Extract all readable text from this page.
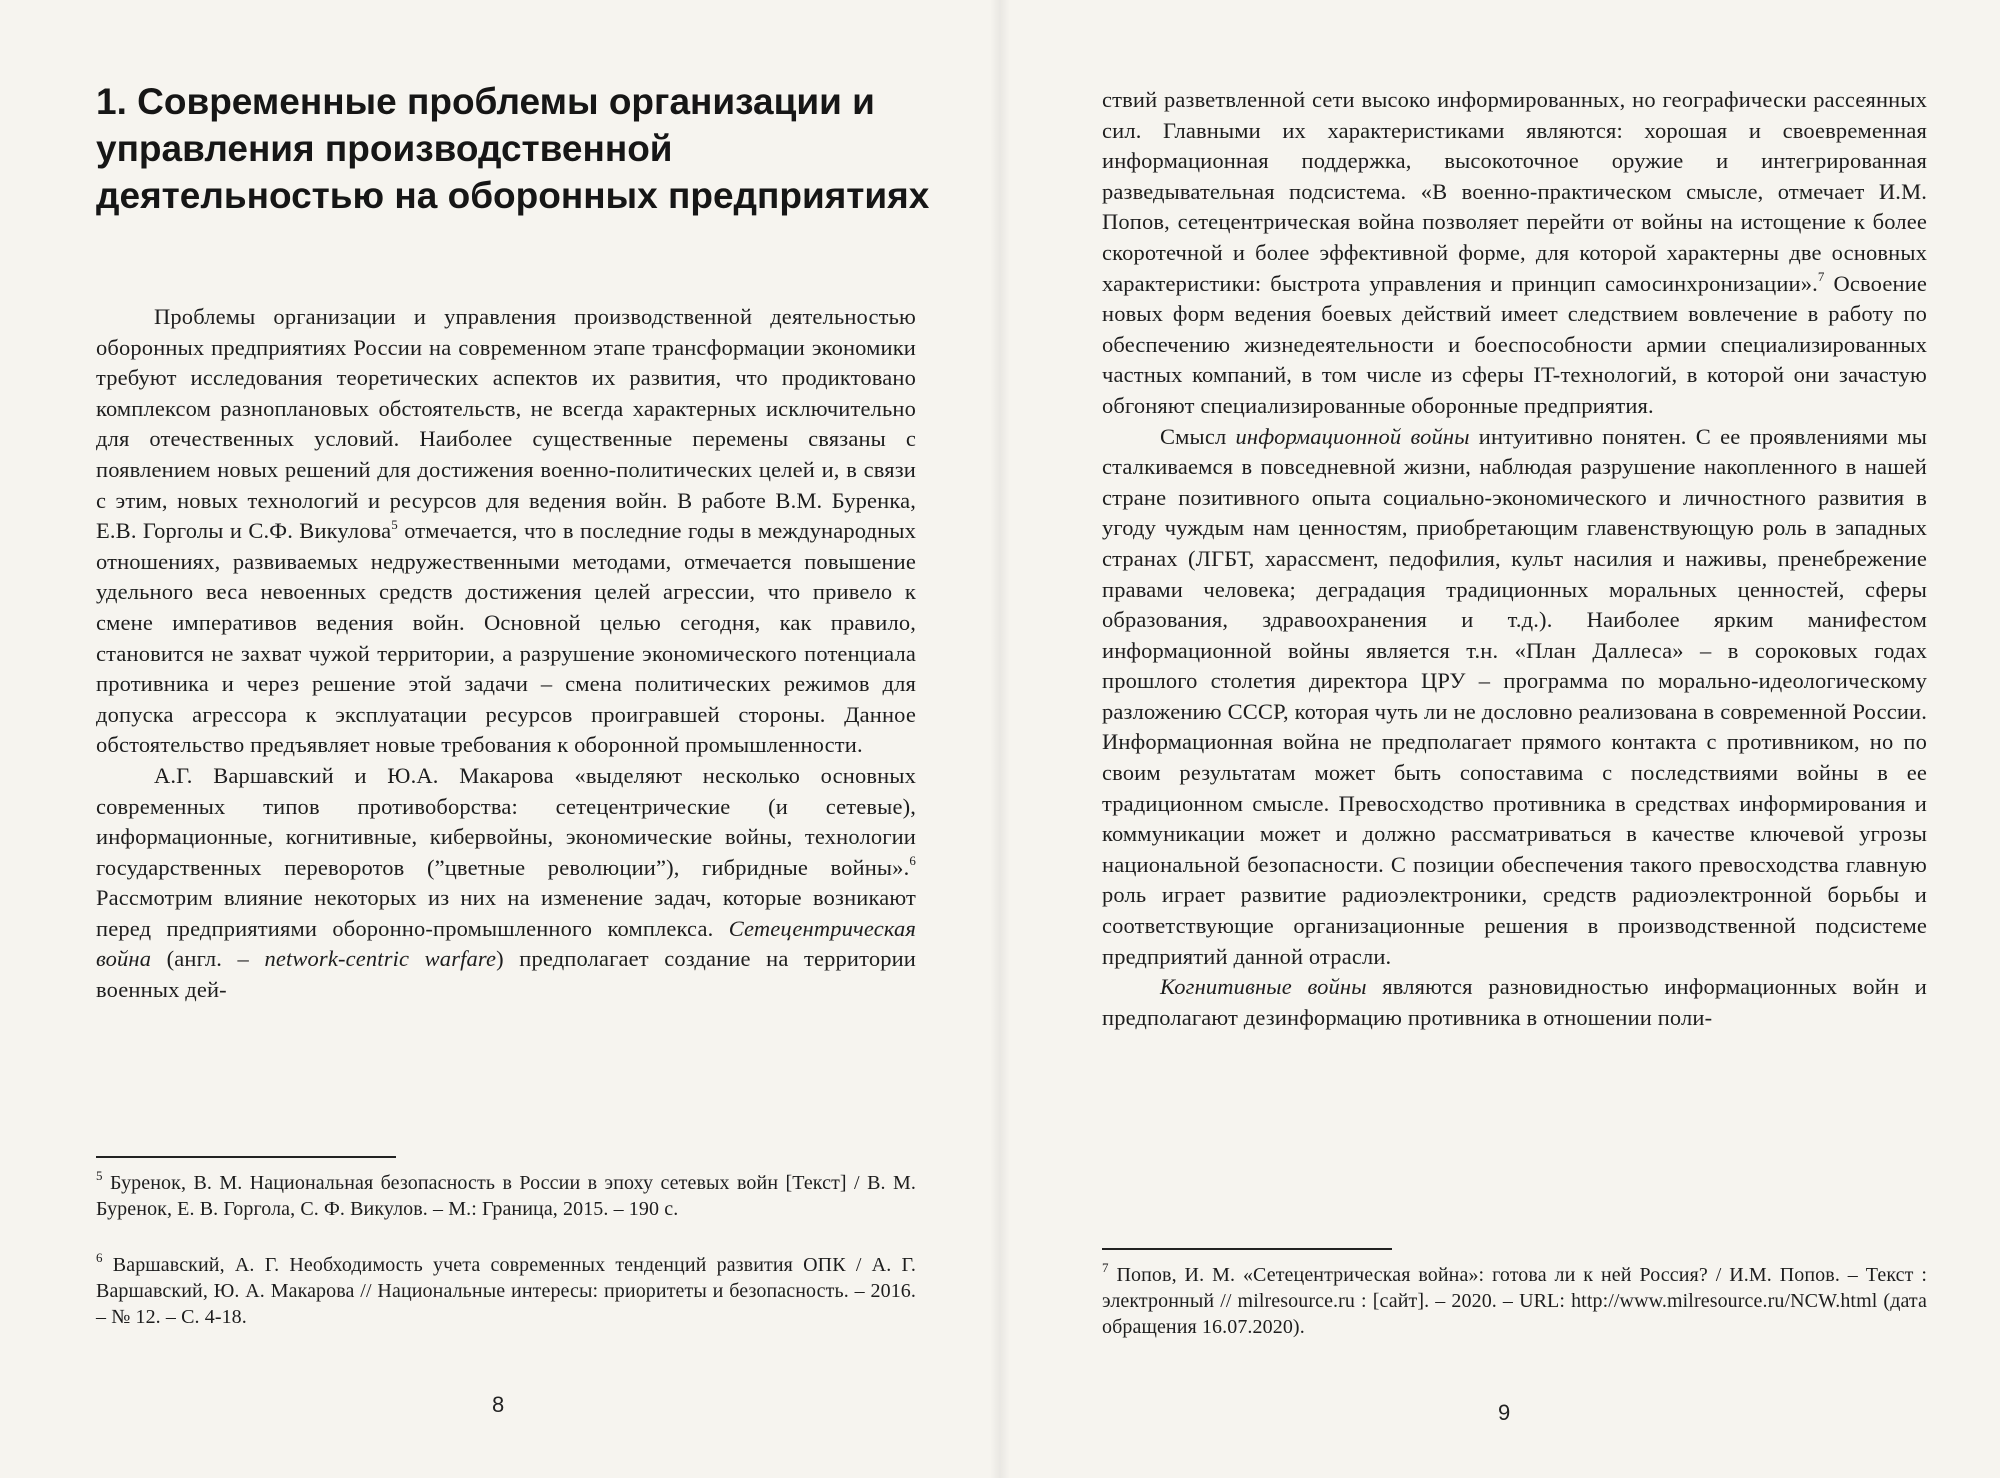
1. Современные проблемы организации и управления производственной деятельностью на оборонных предприятиях

Проблемы организации и управления производственной деятельностью оборонных предприятиях России на современном этапе трансформации экономики требуют исследования теоретических аспектов их развития, что продиктовано комплексом разноплановых обстоятельств, не всегда характерных исключительно для отечественных условий. Наиболее существенные перемены связаны с появлением новых решений для достижения военно-политических целей и, в связи с этим, новых технологий и ресурсов для ведения войн. В работе В.М. Буренка, Е.В. Горголы и С.Ф. Викулова$^5$ отмечается, что в последние годы в международных отношениях, развиваемых недружественными методами, отмечается повышение удельного веса невоенных средств достижения целей агрессии, что привело к смене императивов ведения войн. Основной целью сегодня, как правило, становится не захват чужой территории, а разрушение экономического потенциала противника и через решение этой задачи – смена политических режимов для допуска агрессора к эксплуатации ресурсов проигравшей стороны. Данное обстоятельство предъявляет новые требования к оборонной промышленности.

А.Г. Варшавский и Ю.А. Макарова «выделяют несколько основных современных типов противоборства: сетецентрические (и сетевые), информационные, когнитивные, кибервойны, экономические войны, технологии государственных переворотов (”цветные революции”), гибридные войны».$^6$ Рассмотрим влияние некоторых из них на изменение задач, которые возникают перед предприятиями оборонно-промышленного комплекса. Сетецентрическая война (англ. – network-centric warfare) предполагает создание на территории военных дей-

$^5$ Буренок, В. М. Национальная безопасность в России в эпоху сетевых войн [Текст] / В. М. Буренок, Е. В. Горгола, С. Ф. Викулов. – М.: Граница, 2015. – 190 с.

$^6$ Варшавский, А. Г. Необходимость учета современных тенденций развития ОПК / А. Г. Варшавский, Ю. А. Макарова // Национальные интересы: приоритеты и безопасность. – 2016. – № 12. – С. 4-18.

8

ствий разветвленной сети высоко информированных, но географически рассеянных сил. Главными их характеристиками являются: хорошая и своевременная информационная поддержка, высокоточное оружие и интегрированная разведывательная подсистема. «В военно-практическом смысле, отмечает И.М. Попов, сетецентрическая война позволяет перейти от войны на истощение к более скоротечной и более эффективной форме, для которой характерны две основных характеристики: быстрота управления и принцип самосинхронизации».$^7$ Освоение новых форм ведения боевых действий имеет следствием вовлечение в работу по обеспечению жизнедеятельности и боеспособности армии специализированных частных компаний, в том числе из сферы IT-технологий, в которой они зачастую обгоняют специализированные оборонные предприятия.

Смысл информационной войны интуитивно понятен. С ее проявлениями мы сталкиваемся в повседневной жизни, наблюдая разрушение накопленного в нашей стране позитивного опыта социально-экономического и личностного развития в угоду чуждым нам ценностям, приобретающим главенствующую роль в западных странах (ЛГБТ, харассмент, педофилия, культ насилия и наживы, пренебрежение правами человека; деградация традиционных моральных ценностей, сферы образования, здравоохранения и т.д.). Наиболее ярким манифестом информационной войны является т.н. «План Даллеса» – в сороковых годах прошлого столетия директора ЦРУ – программа по морально-идеологическому разложению СССР, которая чуть ли не дословно реализована в современной России. Информационная война не предполагает прямого контакта с противником, но по своим результатам может быть сопоставима с последствиями войны в ее традиционном смысле. Превосходство противника в средствах информирования и коммуникации может и должно рассматриваться в качестве ключевой угрозы национальной безопасности. С позиции обеспечения такого превосходства главную роль играет развитие радиоэлектроники, средств радиоэлектронной борьбы и соответствующие организационные решения в производственной подсистеме предприятий данной отрасли.

Когнитивные войны являются разновидностью информационных войн и предполагают дезинформацию противника в отношении поли-

$^7$ Попов, И. М. «Сетецентрическая война»: готова ли к ней Россия? / И.М. Попов. – Текст : электронный // milresource.ru : [сайт]. – 2020. – URL: http://www.milresource.ru/NCW.html (дата обращения 16.07.2020).

9
